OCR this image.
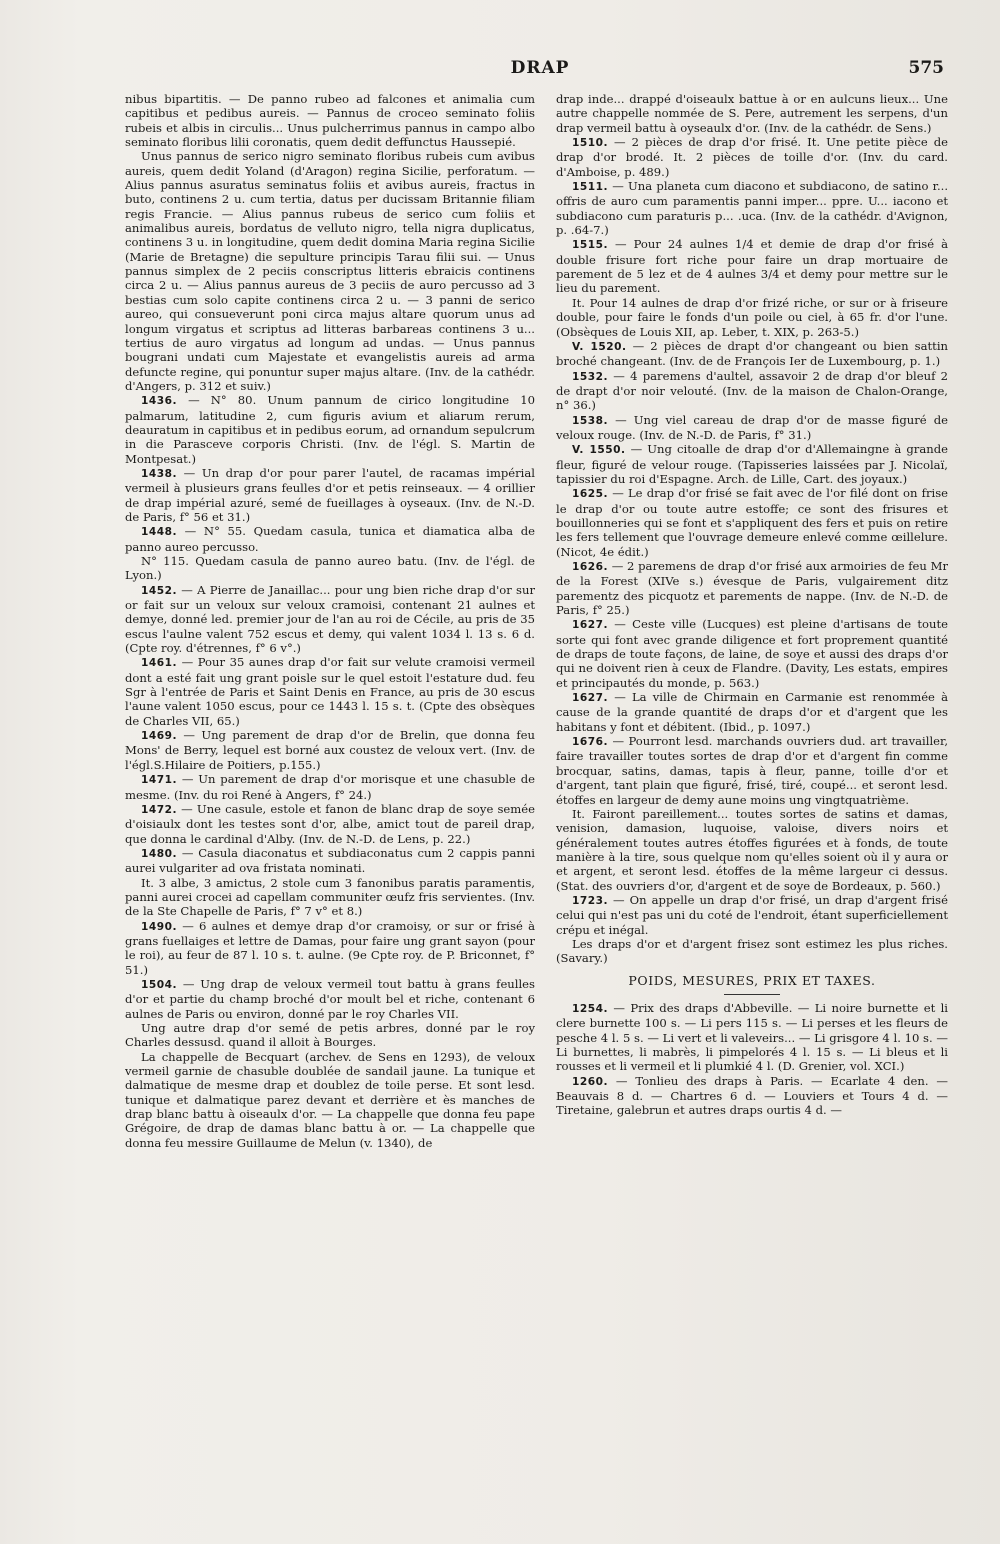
DRAP	575

nibus bipartitis. — De panno rubeo ad falcones et animalia cum capitibus et pedibus aureis. — Pannus de croceo seminato foliis rubeis et albis in circulis... Unus pulcherrimus pannus in campo albo seminato floribus lilii coronatis, quem dedit deffunctus Haussepié.

Unus pannus de serico nigro seminato floribus rubeis cum avibus aureis, quem dedit Yoland (d'Aragon) regina Sicilie, perforatum. — Alius pannus asuratus seminatus foliis et avibus aureis, fractus in buto, continens 2 u. cum tertia, datus per ducissam Britannie filiam regis Francie. — Alius pannus rubeus de serico cum foliis et animalibus aureis, bordatus de velluto nigro, tella nigra duplicatus, continens 3 u. in longitudine, quem dedit domina Maria regina Sicilie (Marie de Bretagne) die sepulture principis Tarau filii sui. — Unus pannus simplex de 2 peciis conscriptus litteris ebraicis continens circa 2 u. — Alius pannus aureus de 3 peciis de auro percusso ad 3 bestias cum solo capite continens circa 2 u. — 3 panni de serico aureo, qui consueverunt poni circa majus altare quorum unus ad longum virgatus et scriptus ad litteras barbareas continens 3 u... tertius de auro virgatus ad longum ad undas. — Unus pannus bougrani undati cum Majestate et evangelistis aureis ad arma defuncte regine, qui ponuntur super majus altare. (Inv. de la cathédr. d'Angers, p. 312 et suiv.)

1436. — N° 80. Unum pannum de cirico longitudine 10 palmarum, latitudine 2, cum figuris avium et aliarum rerum, deauratum in capitibus et in pedibus eorum, ad ornandum sepulcrum in die Parasceve corporis Christi. (Inv. de l'égl. S. Martin de Montpesat.)

1438. — Un drap d'or pour parer l'autel, de racamas impérial vermeil à plusieurs grans feulles d'or et petis reinseaux. — 4 orillier de drap impérial azuré, semé de fueillages à oyseaux. (Inv. de N.-D. de Paris, f° 56 et 31.)

1448. — N° 55. Quedam casula, tunica et diamatica alba de panno aureo percusso.

N° 115. Quedam casula de panno aureo batu. (Inv. de l'égl. de Lyon.)

1452. — A Pierre de Janaillac... pour ung bien riche drap d'or sur or fait sur un veloux sur veloux cramoisi, contenant 21 aulnes et demye, donné led. premier jour de l'an au roi de Cécile, au pris de 35 escus l'aulne valent 752 escus et demy, qui valent 1034 l. 13 s. 6 d. (Cpte roy. d'étrennes, f° 6 v°.)

1461. — Pour 35 aunes drap d'or fait sur velute cramoisi vermeil dont a esté fait ung grant poisle sur le quel estoit l'estature dud. feu Sgr à l'entrée de Paris et Saint Denis en France, au pris de 30 escus l'aune valent 1050 escus, pour ce 1443 l. 15 s. t. (Cpte des obsèques de Charles VII, 65.)

1469. — Ung parement de drap d'or de Brelin, que donna feu Mons' de Berry, lequel est borné aux coustez de veloux vert. (Inv. de l'égl.S.Hilaire de Poitiers, p.155.)

1471. — Un parement de drap d'or morisque et une chasuble de mesme. (Inv. du roi René à Angers, f° 24.)

1472. — Une casule, estole et fanon de blanc drap de soye semée d'oisiaulx dont les testes sont d'or, albe, amict tout de pareil drap, que donna le cardinal d'Alby. (Inv. de N.-D. de Lens, p. 22.)

1480. — Casula diaconatus et subdiaconatus cum 2 cappis panni aurei vulgariter ad ova fristata nominati.

It. 3 albe, 3 amictus, 2 stole cum 3 fanonibus paratis paramentis, panni aurei crocei ad capellam communiter œufz fris servientes. (Inv. de la Ste Chapelle de Paris, f° 7 v° et 8.)

1490. — 6 aulnes et demye drap d'or cramoisy, or sur or frisé à grans fuellaiges et lettre de Damas, pour faire ung grant sayon (pour le roi), au feur de 87 l. 10 s. t. aulne. (9e Cpte roy. de P. Briconnet, f° 51.)

1504. — Ung drap de veloux vermeil tout battu à grans feulles d'or et partie du champ broché d'or moult bel et riche, contenant 6 aulnes de Paris ou environ, donné par le roy Charles VII.

Ung autre drap d'or semé de petis arbres, donné par le roy Charles dessusd. quand il alloit à Bourges.

La chappelle de Becquart (archev. de Sens en 1293), de veloux vermeil garnie de chasuble doublée de sandail jaune. La tunique et dalmatique de mesme drap et doublez de toile perse. Et sont lesd. tunique et dalmatique parez devant et derrière et ès manches de drap blanc battu à oiseaulx d'or. — La chappelle que donna feu pape Grégoire, de drap de damas blanc battu à or. — La chappelle que donna feu messire Guillaume de Melun (v. 1340), de

drap inde... drappé d'oiseaulx battue à or en aulcuns lieux... Une autre chappelle nommée de S. Pere, autrement les serpens, d'un drap vermeil battu à oyseaulx d'or. (Inv. de la cathédr. de Sens.)

1510. — 2 pièces de drap d'or frisé. It. Une petite pièce de drap d'or brodé. It. 2 pièces de toille d'or. (Inv. du card. d'Amboise, p. 489.)

1511. — Una planeta cum diacono et subdiacono, de satino r... offris de auro cum paramentis panni imper... ppre. U... iacono et subdiacono cum paraturis p... .uca. (Inv. de la cathédr. d'Avignon, p. .64-7.)

1515. — Pour 24 aulnes 1/4 et demie de drap d'or frisé à double frisure fort riche pour faire un drap mortuaire de parement de 5 lez et de 4 aulnes 3/4 et demy pour mettre sur le lieu du parement.

It. Pour 14 aulnes de drap d'or frizé riche, or sur or à friseure double, pour faire le fonds d'un poile ou ciel, à 65 fr. d'or l'une. (Obsèques de Louis XII, ap. Leber, t. XIX, p. 263-5.)

V. 1520. — 2 pièces de drapt d'or changeant ou bien sattin broché changeant. (Inv. de de François Ier de Luxembourg, p. 1.)

1532. — 4 paremens d'aultel, assavoir 2 de drap d'or bleuf 2 de drapt d'or noir velouté. (Inv. de la maison de Chalon-Orange, n° 36.)

1538. — Ung viel careau de drap d'or de masse figuré de veloux rouge. (Inv. de N.-D. de Paris, f° 31.)

V. 1550. — Ung citoalle de drap d'or d'Allemaingne à grande fleur, figuré de velour rouge. (Tapisseries laissées par J. Nicolaï, tapissier du roi d'Espagne. Arch. de Lille, Cart. des joyaux.)

1625. — Le drap d'or frisé se fait avec de l'or filé dont on frise le drap d'or ou toute autre estoffe; ce sont des frisures et bouillonneries qui se font et s'appliquent des fers et puis on retire les fers tellement que l'ouvrage demeure enlevé comme œillelure. (Nicot, 4e édit.)

1626. — 2 paremens de drap d'or frisé aux armoiries de feu Mr de la Forest (XIVe s.) évesque de Paris, vulgairement ditz parementz des picquotz et parements de nappe. (Inv. de N.-D. de Paris, f° 25.)

1627. — Ceste ville (Lucques) est pleine d'artisans de toute sorte qui font avec grande diligence et fort proprement quantité de draps de toute façons, de laine, de soye et aussi des draps d'or qui ne doivent rien à ceux de Flandre. (Davity, Les estats, empires et principautés du monde, p. 563.)

1627. — La ville de Chirmain en Carmanie est renommée à cause de la grande quantité de draps d'or et d'argent que les habitans y font et débitent. (Ibid., p. 1097.)

1676. — Pourront lesd. marchands ouvriers dud. art travailler, faire travailler toutes sortes de drap d'or et d'argent fin comme brocquar, satins, damas, tapis à fleur, panne, toille d'or et d'argent, tant plain que figuré, frisé, tiré, coupé... et seront lesd. étoffes en largeur de demy aune moins ung vingtquatrième.

It. Fairont pareillement... toutes sortes de satins et damas, venision, damasion, luquoise, valoise, divers noirs et généralement toutes autres étoffes figurées et à fonds, de toute manière à la tire, sous quelque nom qu'elles soient où il y aura or et argent, et seront lesd. étoffes de la même largeur ci dessus. (Stat. des ouvriers d'or, d'argent et de soye de Bordeaux, p. 560.)

1723. — On appelle un drap d'or frisé, un drap d'argent frisé celui qui n'est pas uni du coté de l'endroit, étant superficiellement crépu et inégal.

Les draps d'or et d'argent frisez sont estimez les plus riches. (Savary.)

POIDS, MESURES, PRIX ET TAXES.

1254. — Prix des draps d'Abbeville. — Li noire burnette et li clere burnette 100 s. — Li pers 115 s. — Li perses et les fleurs de pesche 4 l. 5 s. — Li vert et li valeveirs... — Li grisgore 4 l. 10 s. — Li burnettes, li mabrès, li pimpelorés 4 l. 15 s. — Li bleus et li rousses et li vermeil et li plumkié 4 l. (D. Grenier, vol. XCI.)

1260. — Tonlieu des draps à Paris. — Ecarlate 4 den. — Beauvais 8 d. — Chartres 6 d. — Louviers et Tours 4 d. — Tiretaine, galebrun et autres draps ourtis 4 d. —
